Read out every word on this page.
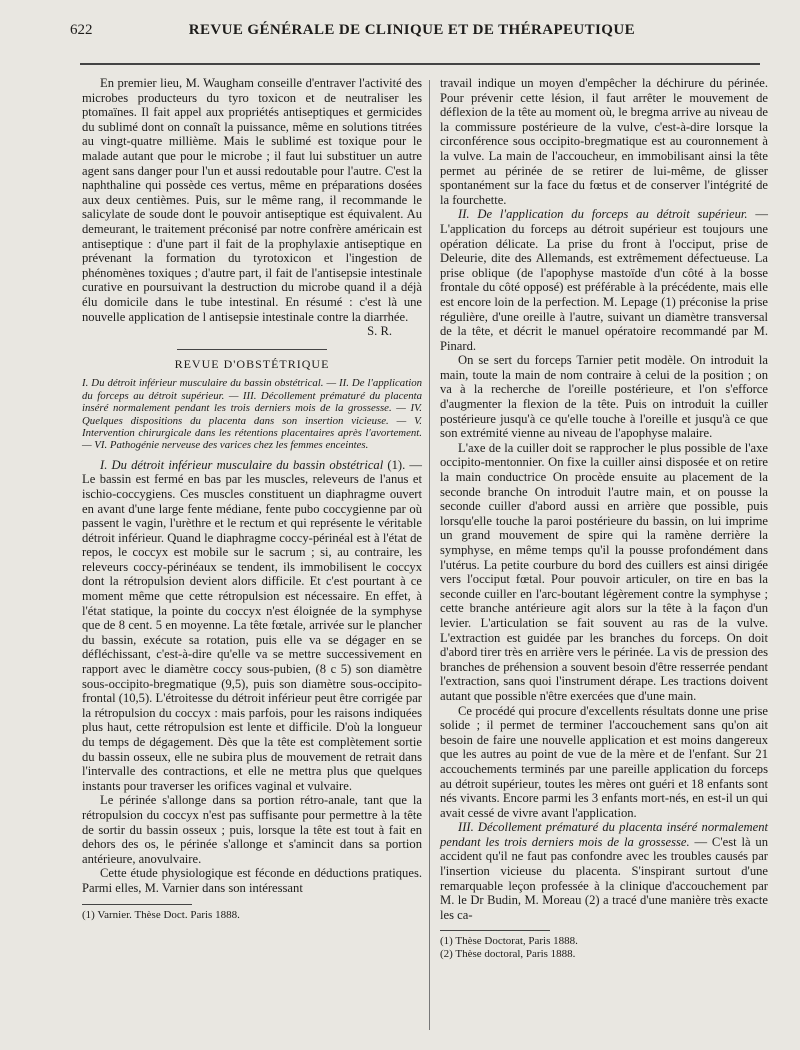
622	REVUE GÉNÉRALE DE CLINIQUE ET DE THÉRAPEUTIQUE

En premier lieu, M. Waugham conseille d'entraver l'activité des microbes producteurs du tyro toxicon et de neutraliser les ptomaïnes. Il fait appel aux propriétés antiseptiques et germicides du sublimé dont on connaît la puissance, même en solutions titrées au vingt-quatre millième. Mais le sublimé est toxique pour le malade autant que pour le microbe ; il faut lui substituer un autre agent sans danger pour l'un et aussi redoutable pour l'autre. C'est la naphthaline qui possède ces vertus, même en préparations dosées aux deux centièmes. Puis, sur le même rang, il recommande le salicylate de soude dont le pouvoir antiseptique est équivalent. Au demeurant, le traitement préconisé par notre confrère américain est antiseptique : d'une part il fait de la prophylaxie antiseptique en prévenant la formation du tyrotoxicon et l'ingestion de phénomènes toxiques ; d'autre part, il fait de l'antisepsie intestinale curative en poursuivant la destruction du microbe quand il a déjà élu domicile dans le tube intestinal. En résumé : c'est là une nouvelle application de l antisepsie intestinale contre la diarrhée.

S. R.
REVUE D'OBSTÉTRIQUE

I. Du détroit inférieur musculaire du bassin obstétrical. — II. De l'application du forceps au détroit supérieur. — III. Décollement prématuré du placenta inséré normalement pendant les trois derniers mois de la grossesse. — IV. Quelques dispositions du placenta dans son insertion vicieuse. — V. Intervention chirurgicale dans les rétentions placentaires après l'avortement. — VI. Pathogénie nerveuse des varices chez les femmes enceintes.

I. Du détroit inférieur musculaire du bassin obstétrical (1). — Le bassin est fermé en bas par les muscles, releveurs de l'anus et ischio-coccygiens. Ces muscles constituent un diaphragme ouvert en avant d'une large fente médiane, fente pubo coccygienne par où passent le vagin, l'urèthre et le rectum et qui représente le véritable détroit inférieur. Quand le diaphragme coccy-périnéal est à l'état de repos, le coccyx est mobile sur le sacrum ; si, au contraire, les releveurs coccy-périnéaux se tendent, ils immobilisent le coccyx dont la rétropulsion devient alors difficile. Et c'est pourtant à ce moment même que cette rétropulsion est nécessaire. En effet, à l'état statique, la pointe du coccyx n'est éloignée de la symphyse que de 8 cent. 5 en moyenne. La tête fœtale, arrivée sur le plancher du bassin, exécute sa rotation, puis elle va se dégager en se défléchissant, c'est-à-dire qu'elle va se mettre successivement en rapport avec le diamètre coccy sous-pubien, (8 c 5) son diamètre sous-occipito-bregmatique (9,5), puis son diamètre sous-occipito-frontal (10,5). L'étroitesse du détroit inférieur peut être corrigée par la rétropulsion du coccyx : mais parfois, pour les raisons indiquées plus haut, cette rétropulsion est lente et difficile. D'où la longueur du temps de dégagement. Dès que la tête est complètement sortie du bassin osseux, elle ne subira plus de mouvement de retrait dans l'intervalle des contractions, et elle ne mettra plus que quelques instants pour traverser les orifices vaginal et vulvaire.

Le périnée s'allonge dans sa portion rétro-anale, tant que la rétropulsion du coccyx n'est pas suffisante pour permettre à la tête de sortir du bassin osseux ; puis, lorsque la tête est tout à fait en dehors des os, le périnée s'allonge et s'amincit dans sa portion antérieure, anovulvaire.

Cette étude physiologique est féconde en déductions pratiques. Parmi elles, M. Varnier dans son intéressant

(1) Varnier. Thèse Doct. Paris 1888.

travail indique un moyen d'empêcher la déchirure du périnée. Pour prévenir cette lésion, il faut arrêter le mouvement de déflexion de la tête au moment où, le bregma arrive au niveau de la commissure postérieure de la vulve, c'est-à-dire lorsque la circonférence sous occipito-bregmatique est au couronnement à la vulve. La main de l'accoucheur, en immobilisant ainsi la tête permet au périnée de se retirer de lui-même, de glisser spontanément sur la face du fœtus et de conserver l'intégrité de la fourchette.

II. De l'application du forceps au détroit supérieur. — L'application du forceps au détroit supérieur est toujours une opération délicate. La prise du front à l'occiput, prise de Deleurie, dite des Allemands, est extrêmement défectueuse. La prise oblique (de l'apophyse mastoïde d'un côté à la bosse frontale du côté opposé) est préférable à la précédente, mais elle est encore loin de la perfection. M. Lepage (1) préconise la prise régulière, d'une oreille à l'autre, suivant un diamètre transversal de la tête, et décrit le manuel opératoire recommandé par M. Pinard.

On se sert du forceps Tarnier petit modèle. On introduit la main, toute la main de nom contraire à celui de la position ; on va à la recherche de l'oreille postérieure, et l'on s'efforce d'augmenter la flexion de la tête. Puis on introduit la cuiller postérieure jusqu'à ce qu'elle touche à l'oreille et jusqu'à ce que son extrémité vienne au niveau de l'apophyse malaire.

L'axe de la cuiller doit se rapprocher le plus possible de l'axe occipito-mentonnier. On fixe la cuiller ainsi disposée et on retire la main conductrice On procède ensuite au placement de la seconde branche On introduit l'autre main, et on pousse la seconde cuiller d'abord aussi en arrière que possible, puis lorsqu'elle touche la paroi postérieure du bassin, on lui imprime un grand mouvement de spire qui la ramène derrière la symphyse, en même temps qu'il la pousse profondément dans l'utérus. La petite courbure du bord des cuillers est ainsi dirigée vers l'occiput fœtal. Pour pouvoir articuler, on tire en bas la seconde cuiller en l'arc-boutant légèrement contre la symphyse ; cette branche antérieure agit alors sur la tête à la façon d'un levier. L'articulation se fait souvent au ras de la vulve. L'extraction est guidée par les branches du forceps. On doit d'abord tirer très en arrière vers le périnée. La vis de pression des branches de préhension a souvent besoin d'être resserrée pendant l'extraction, sans quoi l'instrument dérape. Les tractions doivent autant que possible n'être exercées que d'une main.

Ce procédé qui procure d'excellents résultats donne une prise solide ; il permet de terminer l'accouchement sans qu'on ait besoin de faire une nouvelle application et est moins dangereux que les autres au point de vue de la mère et de l'enfant. Sur 21 accouchements terminés par une pareille application du forceps au détroit supérieur, toutes les mères ont guéri et 18 enfants sont nés vivants. Encore parmi les 3 enfants mort-nés, en est-il un qui avait cessé de vivre avant l'application.

III. Décollement prématuré du placenta inséré normalement pendant les trois derniers mois de la grossesse. — C'est là un accident qu'il ne faut pas confondre avec les troubles causés par l'insertion vicieuse du placenta. S'inspirant surtout d'une remarquable leçon professée à la clinique d'accouchement par M. le Dr Budin, M. Moreau (2) a tracé d'une manière très exacte les ca-

(1) Thèse Doctorat, Paris 1888.

(2) Thèse doctoral, Paris 1888.
